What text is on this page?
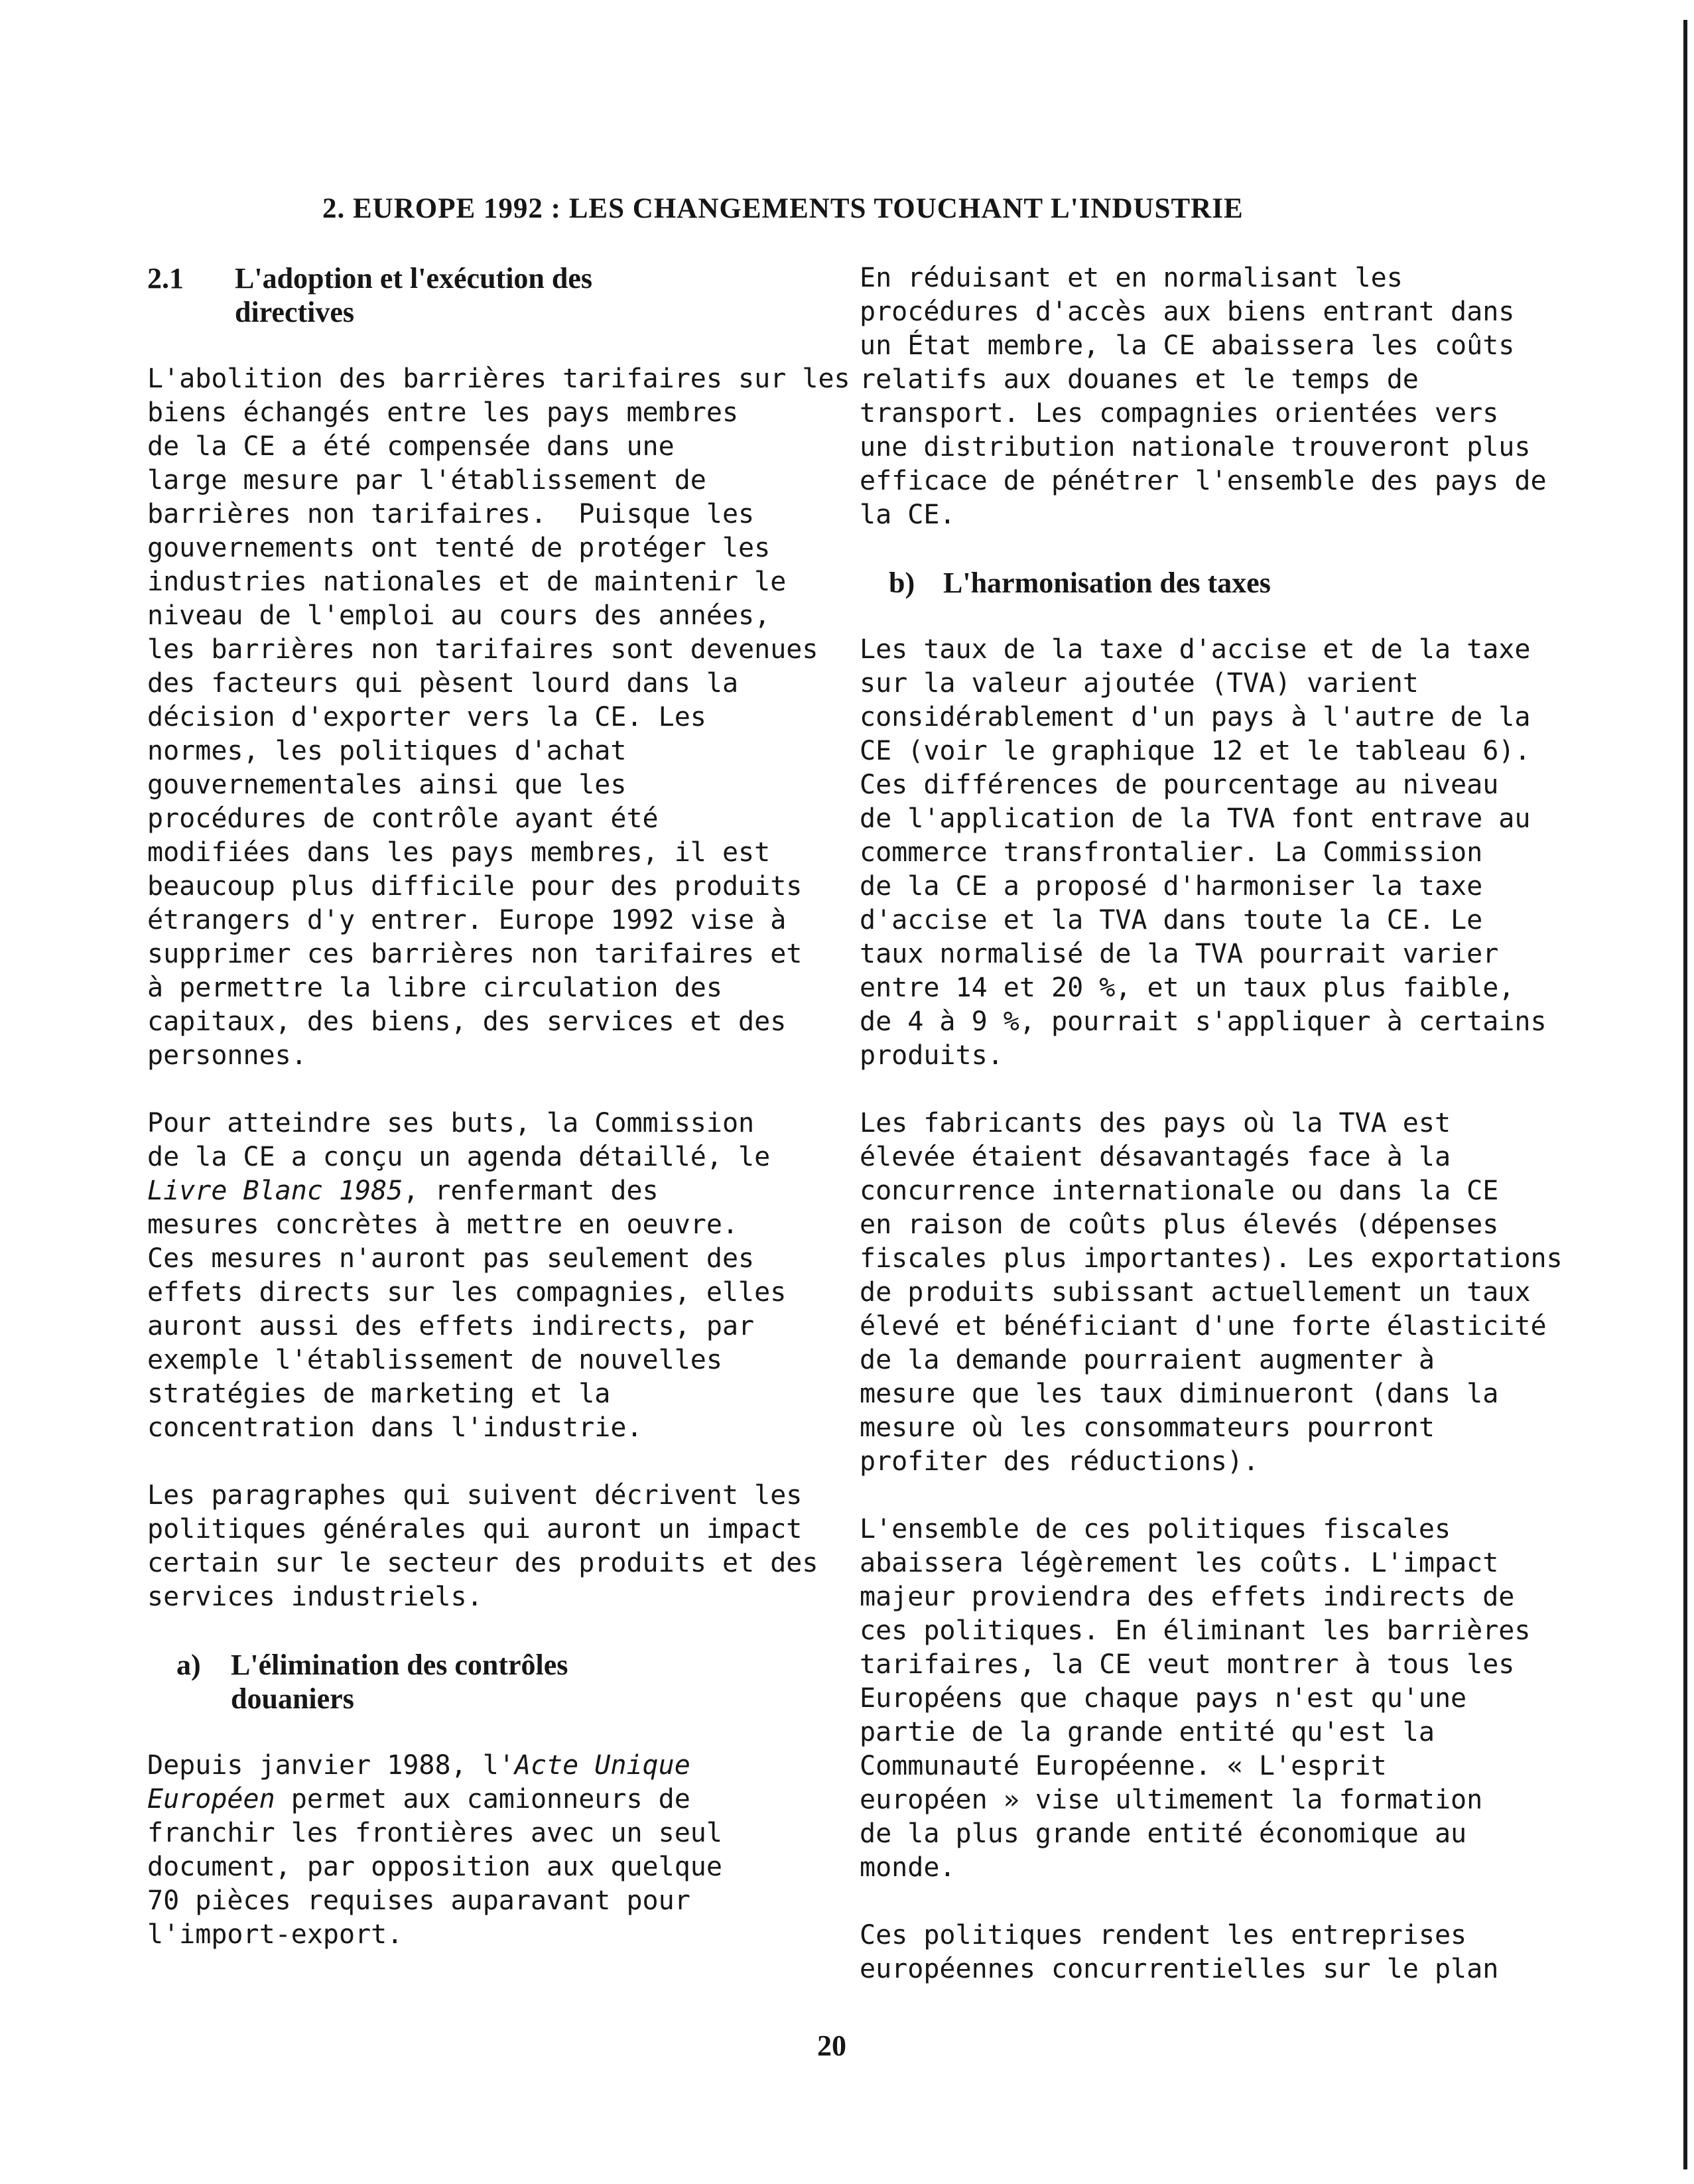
2. EUROPE 1992 : LES CHANGEMENTS TOUCHANT L'INDUSTRIE
2.1	L'adoption et l'exécution des
directives

L'abolition des barrières tarifaires sur les
biens échangés entre les pays membres
de la CE a été compensée dans une
large mesure par l'établissement de
barrières non tarifaires.  Puisque les
gouvernements ont tenté de protéger les
industries nationales et de maintenir le
niveau de l'emploi au cours des années,
les barrières non tarifaires sont devenues
des facteurs qui pèsent lourd dans la
décision d'exporter vers la CE. Les
normes, les politiques d'achat
gouvernementales ainsi que les
procédures de contrôle ayant été
modifiées dans les pays membres, il est
beaucoup plus difficile pour des produits
étrangers d'y entrer. Europe 1992 vise à
supprimer ces barrières non tarifaires et
à permettre la libre circulation des
capitaux, des biens, des services et des
personnes.

Pour atteindre ses buts, la Commission
de la CE a conçu un agenda détaillé, le
Livre Blanc 1985, renfermant des
mesures concrètes à mettre en oeuvre.
Ces mesures n'auront pas seulement des
effets directs sur les compagnies, elles
auront aussi des effets indirects, par
exemple l'établissement de nouvelles
stratégies de marketing et la
concentration dans l'industrie.

Les paragraphes qui suivent décrivent les
politiques générales qui auront un impact
certain sur le secteur des produits et des
services industriels.

a)	L'élimination des contrôles
douaniers

Depuis janvier 1988, l'Acte Unique
Européen permet aux camionneurs de
franchir les frontières avec un seul
document, par opposition aux quelque
70 pièces requises auparavant pour
l'import-export.

En réduisant et en normalisant les
procédures d'accès aux biens entrant dans
un État membre, la CE abaissera les coûts
relatifs aux douanes et le temps de
transport. Les compagnies orientées vers
une distribution nationale trouveront plus
efficace de pénétrer l'ensemble des pays de
la CE.

b) L'harmonisation des taxes

Les taux de la taxe d'accise et de la taxe
sur la valeur ajoutée (TVA) varient
considérablement d'un pays à l'autre de la
CE (voir le graphique 12 et le tableau 6).
Ces différences de pourcentage au niveau
de l'application de la TVA font entrave au
commerce transfrontalier. La Commission
de la CE a proposé d'harmoniser la taxe
d'accise et la TVA dans toute la CE. Le
taux normalisé de la TVA pourrait varier
entre 14 et 20 %, et un taux plus faible,
de 4 à 9 %, pourrait s'appliquer à certains
produits.

Les fabricants des pays où la TVA est
élevée étaient désavantagés face à la
concurrence internationale ou dans la CE
en raison de coûts plus élevés (dépenses
fiscales plus importantes). Les exportations
de produits subissant actuellement un taux
élevé et bénéficiant d'une forte élasticité
de la demande pourraient augmenter à
mesure que les taux diminueront (dans la
mesure où les consommateurs pourront
profiter des réductions).

L'ensemble de ces politiques fiscales
abaissera légèrement les coûts. L'impact
majeur proviendra des effets indirects de
ces politiques. En éliminant les barrières
tarifaires, la CE veut montrer à tous les
Européens que chaque pays n'est qu'une
partie de la grande entité qu'est la
Communauté Européenne. « L'esprit
européen » vise ultimement la formation
de la plus grande entité économique au
monde.

Ces politiques rendent les entreprises
européennes concurrentielles sur le plan

20
